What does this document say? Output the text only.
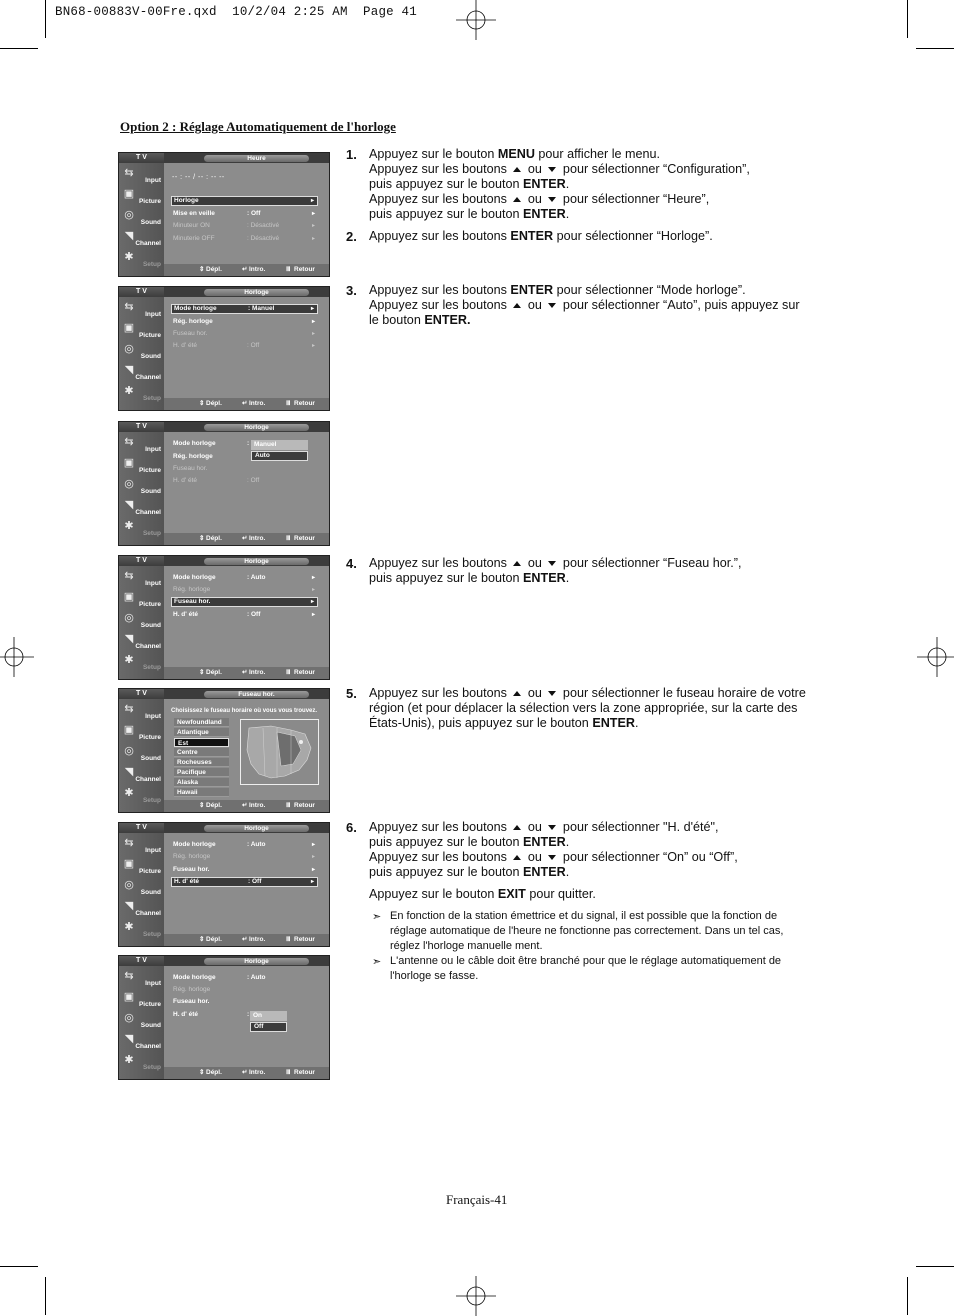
BN68-00883V-00Fre.qxd  10/2/04 2:25 AM  Page 41
Option 2 : Réglage Automatiquement de l'horloge
T V
⇆
Input
▣
Picture
◎
Sound
◥
Channel
✱
Setup
Heure
-- : -- / -- : -- --
Horloge	▸
Mise en veille	: Off	▸
Minuteur ON	: Désactivé	▸
Minuterie OFF	: Désactivé	▸
⇕ Dépl.	↵ Intro.	Ⅲ Retour
T V
⇆
Input
▣
Picture
◎
Sound
◥
Channel
✱
Setup
Horloge
Mode horloge	: Manuel	▸
Rég. horloge	▸
Fuseau hor.	▸
H. d' été	: Off	▸
⇕ Dépl.	↵ Intro.	Ⅲ Retour
T V
⇆
Input
▣
Picture
◎
Sound
◥
Channel
✱
Setup
Horloge
Mode horloge	:
Rég. horloge
Fuseau hor.
H. d' été	: Off
Manuel
Auto
⇕ Dépl.	↵ Intro.	Ⅲ Retour
T V
⇆
Input
▣
Picture
◎
Sound
◥
Channel
✱
Setup
Horloge
Mode horloge	: Auto	▸
Rég. horloge	▸
Fuseau hor.	▸
H. d' été	: Off	▸
⇕ Dépl.	↵ Intro.	Ⅲ Retour
T V
⇆
Input
▣
Picture
◎
Sound
◥
Channel
✱
Setup
Fuseau hor.
Choisissez le fuseau horaire où vous vous trouvez.
Newfoundland
Atlantique
Est
Centre
Rocheuses
Pacifique
Alaska
Hawaii
⇕ Dépl.	↵ Intro.	Ⅲ Retour
T V
⇆
Input
▣
Picture
◎
Sound
◥
Channel
✱
Setup
Horloge
Mode horloge	: Auto	▸
Rég. horloge	▸
Fuseau hor.	▸
H. d' été	: Off	▸
⇕ Dépl.	↵ Intro.	Ⅲ Retour
T V
⇆
Input
▣
Picture
◎
Sound
◥
Channel
✱
Setup
Horloge
Mode horloge	: Auto
Rég. horloge
Fuseau hor.
H. d' été	: On
Off
⇕ Dépl.	↵ Intro.	Ⅲ Retour
1. Appuyez sur le bouton MENU pour afficher le menu.
Appuyez sur les boutons  ou  pour sélectionner “Configuration”,
puis appuyez sur le bouton ENTER.
Appuyez sur les boutons  ou  pour sélectionner “Heure”,
puis appuyez sur le bouton ENTER.
2. Appuyez sur les boutons ENTER pour sélectionner “Horloge”.
3. Appuyez sur les boutons ENTER pour sélectionner “Mode horloge”.
Appuyez sur les boutons  ou  pour sélectionner “Auto”, puis appuyez sur
le bouton ENTER.
4. Appuyez sur les boutons  ou  pour sélectionner “Fuseau hor.”,
puis appuyez sur le bouton ENTER.
5. Appuyez sur les boutons  ou  pour sélectionner le fuseau horaire de votre
région (et pour déplacer la sélection vers la zone appropriée, sur la carte des
États-Unis), puis appuyez sur le bouton ENTER.
6. Appuyez sur les boutons  ou  pour sélectionner "H. d'été",
puis appuyez sur le bouton ENTER.
Appuyez sur les boutons  ou  pour sélectionner “On” ou “Off”,
puis appuyez sur le bouton ENTER.
Appuyez sur le bouton EXIT pour quitter.
➣ En fonction de la station émettrice et du signal, il est possible que la fonction de
réglage automatique de l'heure ne fonctionne pas correctement. Dans un tel cas,
réglez l'horloge manuelle ment.
➣ L'antenne ou le câble doit être branché pour que le réglage automatiquement de
l'horloge se fasse.
Français-41
